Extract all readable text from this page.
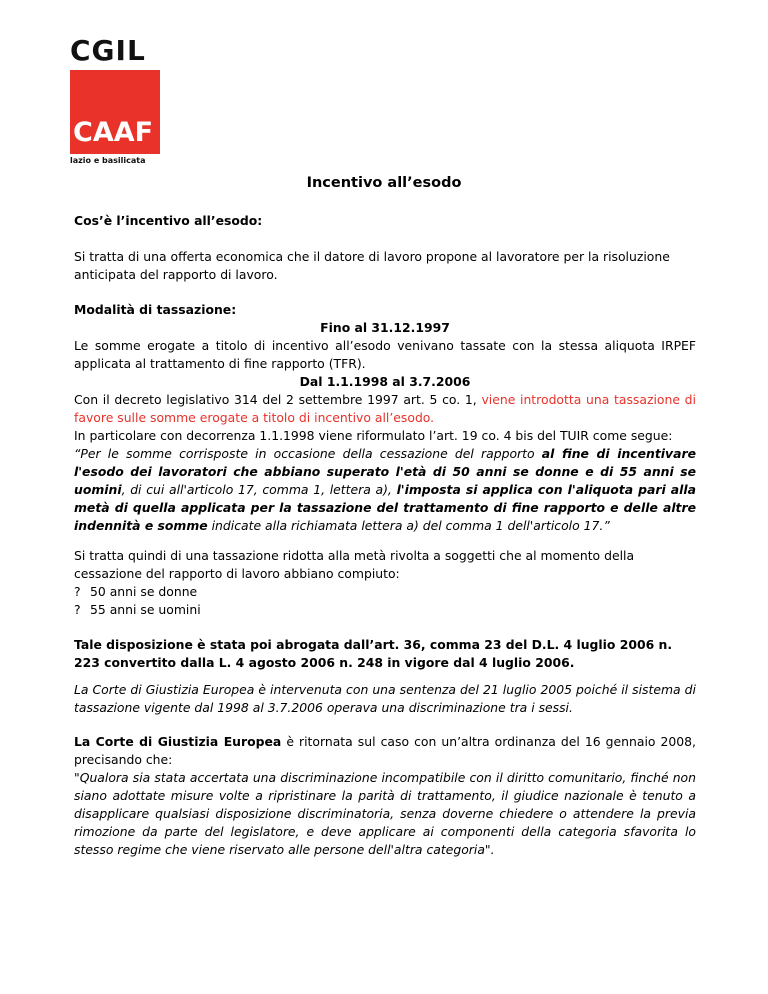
CGIL
CAAF
lazio e basilicata
Incentivo all’esodo

Cos’è l’incentivo all’esodo:

Si tratta di una offerta economica che il datore di lavoro propone al lavoratore per la risoluzione anticipata del rapporto di lavoro.

Modalità di tassazione:

Fino al 31.12.1997

Le somme erogate a titolo di incentivo all’esodo venivano tassate con la stessa aliquota IRPEF applicata al trattamento di fine rapporto (TFR).

Dal 1.1.1998 al 3.7.2006

Con il decreto legislativo 314 del 2 settembre 1997 art. 5 co. 1, viene introdotta una tassazione di favore sulle somme erogate a titolo di incentivo all’esodo.

In particolare con decorrenza 1.1.1998 viene riformulato l’art. 19 co. 4 bis del TUIR come segue:

“Per le somme corrisposte in occasione della cessazione del rapporto al fine di incentivare l'esodo dei lavoratori che abbiano superato l'età di 50 anni se donne e di 55 anni se uomini, di cui all'articolo 17, comma 1, lettera a), l'imposta si applica con l'aliquota pari alla metà di quella applicata per la tassazione del trattamento di fine rapporto e delle altre indennità e somme indicate alla richiamata lettera a) del comma 1 dell'articolo 17.”

Si tratta quindi di una tassazione ridotta alla metà rivolta a soggetti che al momento della cessazione del rapporto di lavoro abbiano compiuto:

? 50 anni se donne
? 55 anni se uomini

Tale disposizione è stata poi abrogata dall’art. 36, comma 23 del D.L. 4 luglio 2006 n. 223 convertito dalla L. 4 agosto 2006 n. 248 in vigore dal 4 luglio 2006.

La Corte di Giustizia Europea è intervenuta con una sentenza del 21 luglio 2005 poiché il sistema di tassazione vigente dal 1998 al 3.7.2006 operava una discriminazione tra i sessi.

La Corte di Giustizia Europea è ritornata sul caso con un’altra ordinanza del 16 gennaio 2008, precisando che:

"Qualora sia stata accertata una discriminazione incompatibile con il diritto comunitario, finché non siano adottate misure volte a ripristinare la parità di trattamento, il giudice nazionale è tenuto a disapplicare qualsiasi disposizione discriminatoria, senza doverne chiedere o attendere la previa rimozione da parte del legislatore, e deve applicare ai componenti della categoria sfavorita lo stesso regime che viene riservato alle persone dell'altra categoria".
